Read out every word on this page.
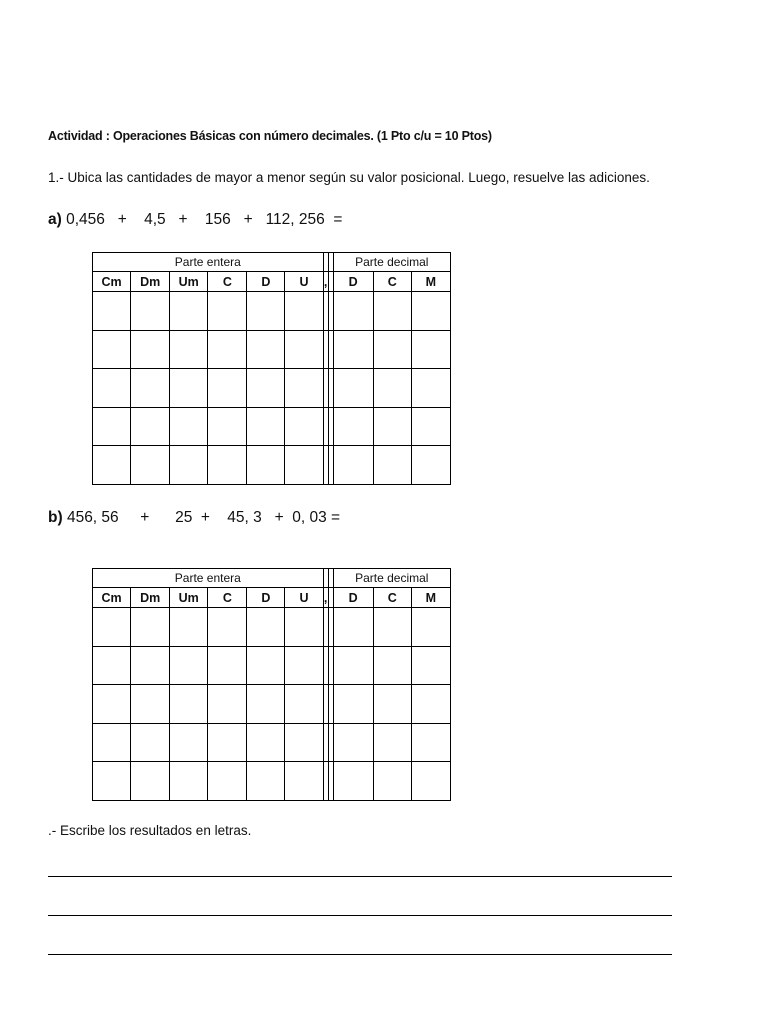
Actividad : Operaciones Básicas con número decimales. (1 Pto c/u = 10 Ptos)
1.- Ubica las cantidades de mayor a menor según su valor posicional. Luego, resuelve las adiciones.
a) 0,456   +    4,5   +    156   +   112, 256  =
Parte entera								Parte decimal		
Cm	Dm	Um	C	D	U	,		D	C	M

b) 456, 56     +      25  +    45, 3   +  0, 03 =
Parte entera								Parte decimal		
Cm	Dm	Um	C	D	U	,		D	C	M

.- Escribe los resultados en letras.
